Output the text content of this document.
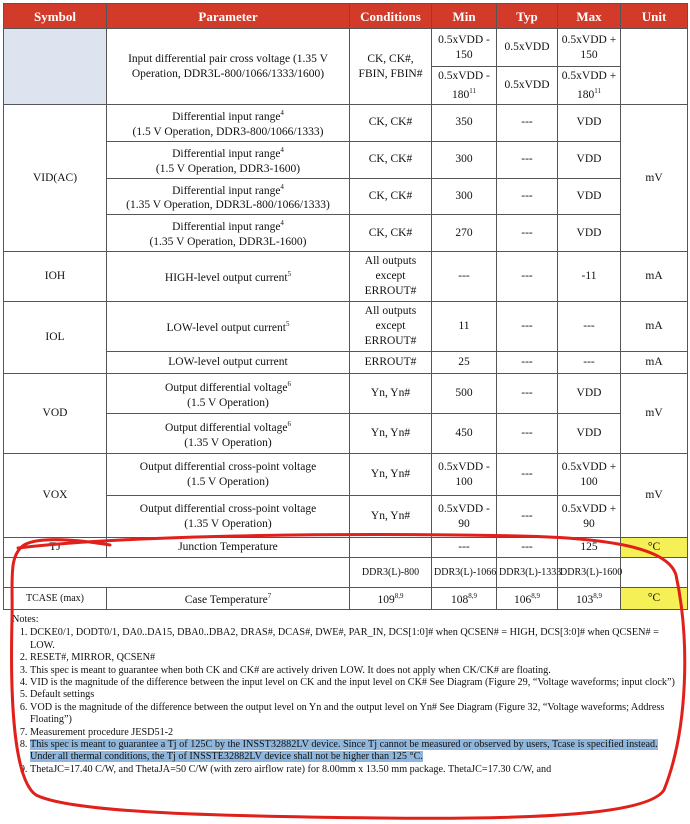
Symbol	Parameter	Conditions	Min	Typ	Max	Unit
	Input differential pair cross voltage (1.35 V Operation, DDR3L-800/1066/1333/1600)	CK, CK#, FBIN, FBIN#	0.5xVDD - 150	0.5xVDD	0.5xVDD + 150	
			0.5xVDD - $180^{11}$	0.5xVDD	0.5xVDD + $180^{11}$
VID(AC)	Differential input range$^4$
(1.5 V Operation, DDR3-800/1066/1333)	CK, CK#	350	---	VDD	mV
	Differential input range$^4$
(1.5 V Operation, DDR3-1600)	CK, CK#	300	---	VDD	
	Differential input range$^4$
(1.35 V Operation, DDR3L-800/1066/1333)	CK, CK#	300	---	VDD	
	Differential input range$^4$
(1.35 V Operation, DDR3L-1600)	CK, CK#	270	---	VDD	
IOH	HIGH-level output current$^5$	All outputs except ERROUT#	---	---	-11	mA
IOL	LOW-level output current$^5$	All outputs except ERROUT#	11	---	---	mA
	LOW-level output current	ERROUT#	25	---	---	mA
VOD	Output differential voltage$^6$
(1.5 V Operation)	Yn, Yn#	500	---	VDD	mV
	Output differential voltage$^6$
(1.35 V Operation)	Yn, Yn#	450	---	VDD	
VOX	Output differential cross-point voltage
(1.5 V Operation)	Yn, Yn#	0.5xVDD - 100	---	0.5xVDD + 100	mV
	Output differential cross-point voltage
(1.35 V Operation)	Yn, Yn#	0.5xVDD - 90	---	0.5xVDD + 90	
TJ	Junction Temperature		---	---	125	°C
		DDR3(L)-800	DDR3(L)-1066	DDR3(L)-1333	DDR3(L)-1600	
TCASE (max)	Case Temperature$^7$	109$^{8,9}$	108$^{8,9}$	106$^{8,9}$	103$^{8,9}$	°C
Notes:
1. DCKE0/1, DODT0/1, DA0..DA15, DBA0..DBA2, DRAS#, DCAS#, DWE#, PAR_IN, DCS[1:0]# when QCSEN# = HIGH, DCS[3:0]# when QCSEN# = LOW.
2. RESET#, MIRROR, QCSEN#
3. This spec is meant to guarantee when both CK and CK# are actively driven LOW. It does not apply when CK/CK# are floating.
4. VID is the magnitude of the difference between the input level on CK and the input level on CK# See Diagram (Figure 29, “Voltage waveforms; input clock”)
5. Default settings
6. VOD is the magnitude of the difference between the output level on Yn and the output level on Yn# See Diagram (Figure 32, “Voltage waveforms; Address Floating”)
7. Measurement procedure JESD51-2
8. This spec is meant to guarantee a Tj of 125C by the INSST32882LV device. Since Tj cannot be measured or observed by users, Tcase is specified instead. Under all thermal conditions, the Tj of INSSTE32882LV device shall not be higher than 125 °C.
9. ThetaJC=17.40 C/W, and ThetaJA=50 C/W (with zero airflow rate) for 8.00mm x 13.50 mm package. ThetaJC=17.30 C/W, and
